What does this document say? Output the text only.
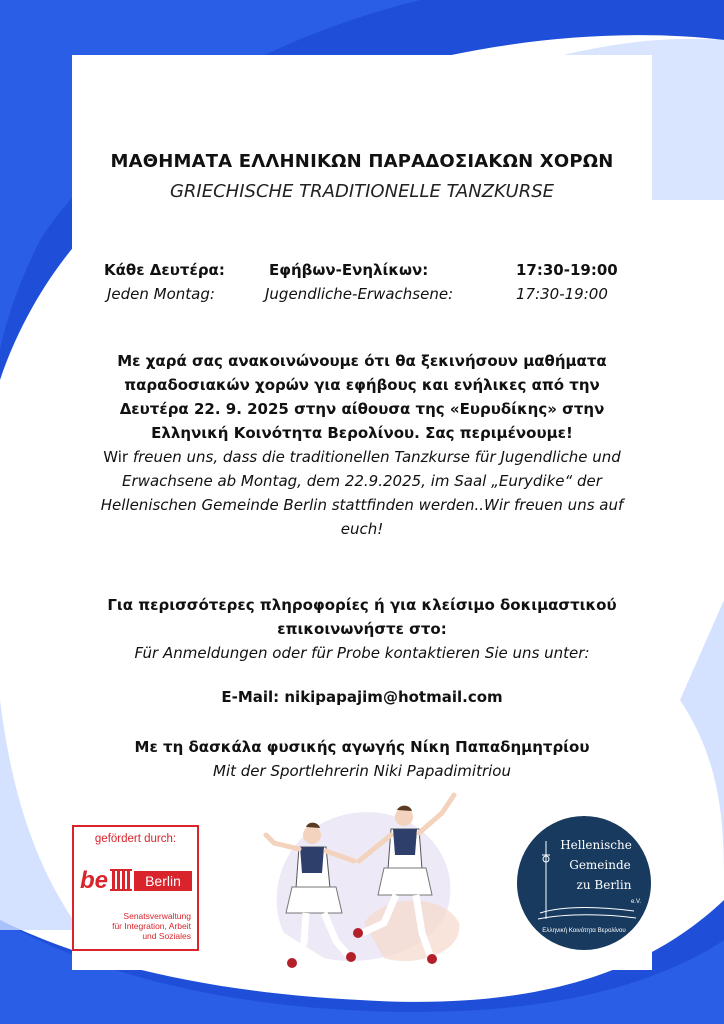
ΜΑΘΗΜΑΤΑ ΕΛΛΗΝΙΚΩΝ ΠΑΡΑΔΟΣΙΑΚΩΝ ΧΟΡΩΝ
GRIECHISCHE TRADITIONELLE TANZKURSE
Κάθε Δευτέρα:	Εφήβων-Ενηλίκων:	17:30-19:00
Jeden Montag:	Jugendliche-Erwachsene:	17:30-19:00
Με χαρά σας ανακοινώνουμε ότι θα ξεκινήσουν μαθήματα παραδοσιακών χορών για εφήβους και ενήλικες από την Δευτέρα 22. 9. 2025 στην αίθουσα της «Ευρυδίκης» στην Ελληνική Κοινότητα Βερολίνου. Σας περιμένουμε!
Wir freuen uns, dass die traditionellen Tanzkurse für Jugendliche und Erwachsene ab Montag, dem 22.9.2025, im Saal „Eurydike“ der Hellenischen Gemeinde Berlin stattfinden werden..Wir freuen uns auf euch!
Για περισσότερες πληροφορίες ή για κλείσιμο δοκιμαστικού επικοινωνήστε στο:
Für Anmeldungen oder für Probe kontaktieren Sie uns unter:
E-Mail: nikipapajim@hotmail.com
Με τη δασκάλα φυσικής αγωγής Νίκη Παπαδημητρίου
Mit der Sportlehrerin Niki Papadimitriou
gefördert durch:
be	Berlin
Senatsverwaltung
für Integration, Arbeit
und Soziales
Hellenische
Gemeinde
zu Berlin
e.V.
Ελληνική Κοινότητα Βερολίνου
